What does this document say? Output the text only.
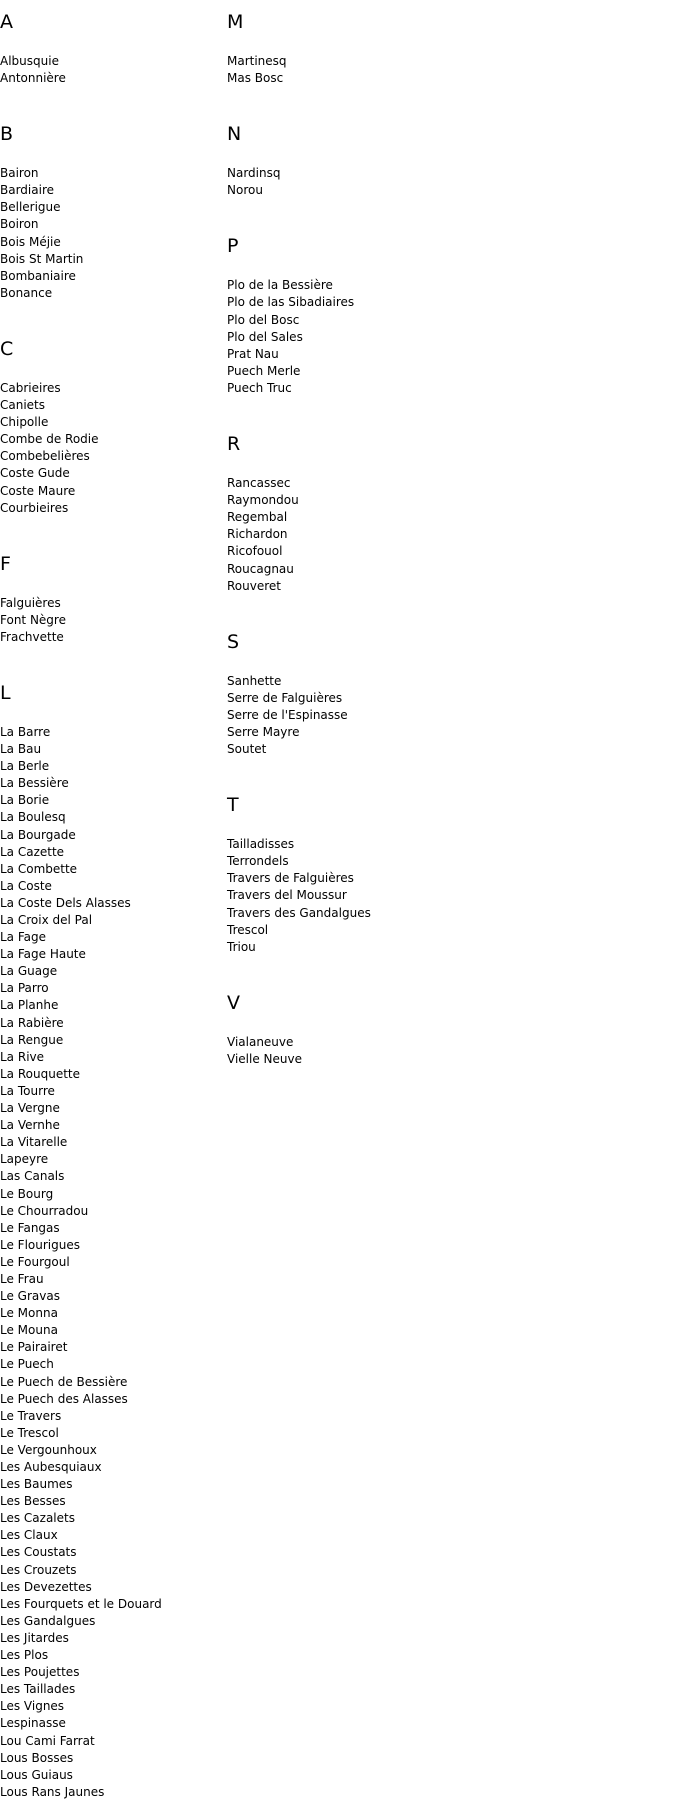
A
Albusquie
Antonnière
B
Bairon
Bardiaire
Bellerigue
Boiron
Bois Méjie
Bois St Martin
Bombaniaire
Bonance
C
Cabrieires
Caniets
Chipolle
Combe de Rodie
Combebelières
Coste Gude
Coste Maure
Courbieires
F
Falguières
Font Nègre
Frachvette
L
La Barre
La Bau
La Berle
La Bessière
La Borie
La Boulesq
La Bourgade
La Cazette
La Combette
La Coste
La Coste Dels Alasses
La Croix del Pal
La Fage
La Fage Haute
La Guage
La Parro
La Planhe
La Rabière
La Rengue
La Rive
La Rouquette
La Tourre
La Vergne
La Vernhe
La Vitarelle
Lapeyre
Las Canals
Le Bourg
Le Chourradou
Le Fangas
Le Flourigues
Le Fourgoul
Le Frau
Le Gravas
Le Monna
Le Mouna
Le Pairairet
Le Puech
Le Puech de Bessière
Le Puech des Alasses
Le Travers
Le Trescol
Le Vergounhoux
Les Aubesquiaux
Les Baumes
Les Besses
Les Cazalets
Les Claux
Les Coustats
Les Crouzets
Les Devezettes
Les Fourquets et le Douard
Les Gandalgues
Les Jitardes
Les Plos
Les Poujettes
Les Taillades
Les Vignes
Lespinasse
Lou Cami Farrat
Lous Bosses
Lous Guiaus
Lous Rans Jaunes
M
Martinesq
Mas Bosc
N
Nardinsq
Norou
P
Plo de la Bessière
Plo de las Sibadiaires
Plo del Bosc
Plo del Sales
Prat Nau
Puech Merle
Puech Truc
R
Rancassec
Raymondou
Regembal
Richardon
Ricofouol
Roucagnau
Rouveret
S
Sanhette
Serre de Falguières
Serre de l'Espinasse
Serre Mayre
Soutet
T
Tailladisses
Terrondels
Travers de Falguières
Travers del Moussur
Travers des Gandalgues
Trescol
Triou
V
Vialaneuve
Vielle Neuve
